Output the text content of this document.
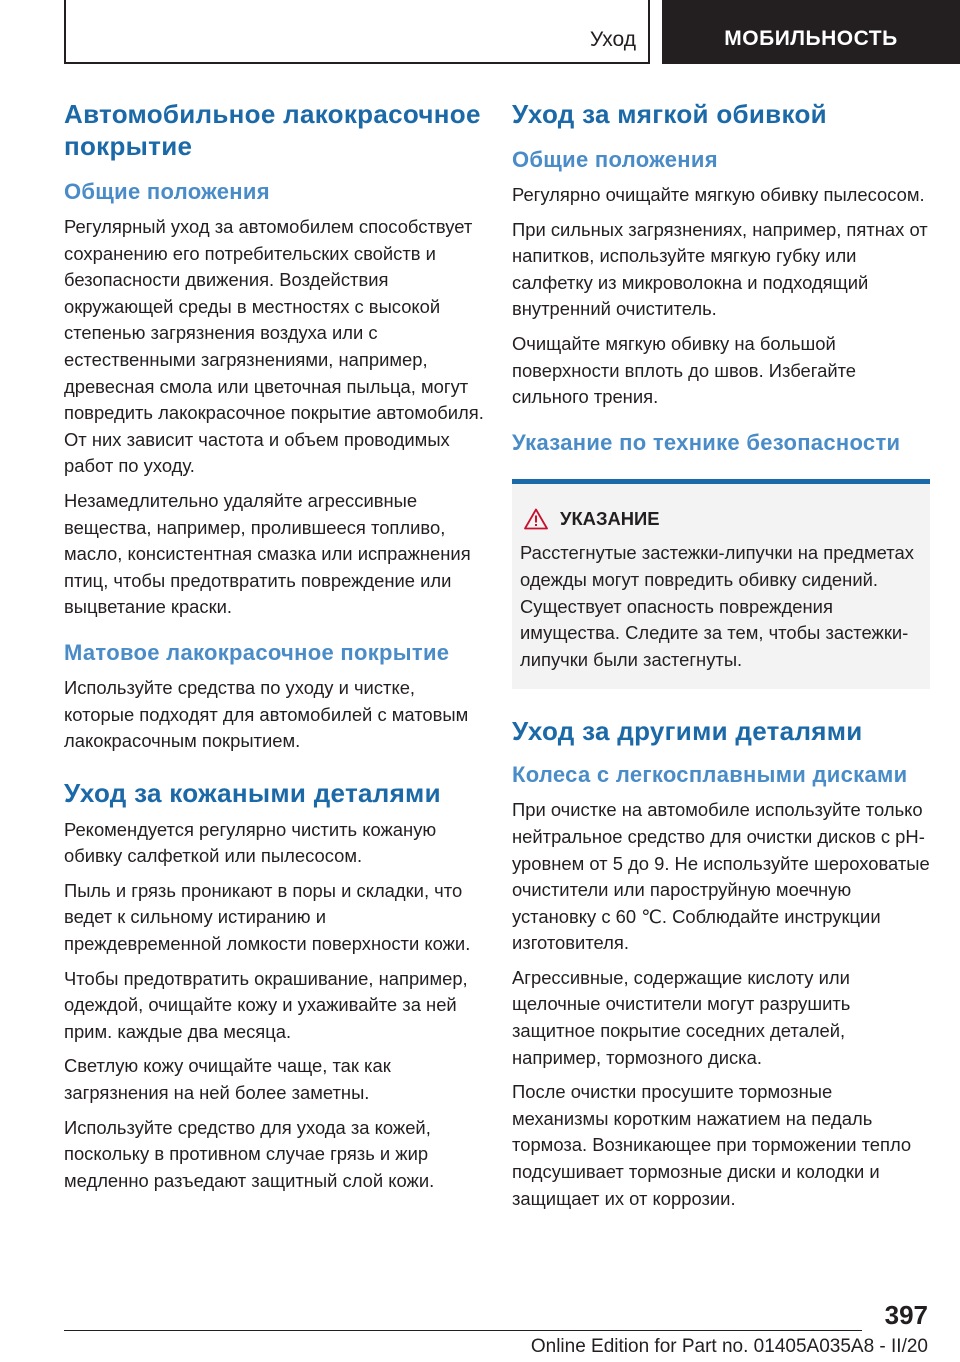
Уход	МОБИЛЬНОСТЬ
Автомобильное лакокрасочное покрытие
Общие положения

Регулярный уход за автомобилем способствует сохранению его потребительских свойств и безопасности движения. Воздействия окружающей среды в местностях с высокой степенью загрязнения воздуха или с естественными загрязнениями, например, древесная смола или цветочная пыльца, могут повредить лакокрасочное покрытие автомобиля. От них зависит частота и объем проводимых работ по уходу.

Незамедлительно удаляйте агрессивные вещества, например, пролившееся топливо, масло, консистентная смазка или испражнения птиц, чтобы предотвратить повреждение или выцветание краски.

Матовое лакокрасочное покрытие

Используйте средства по уходу и чистке, которые подходят для автомобилей с матовым лакокрасочным покрытием.

Уход за кожаными деталями

Рекомендуется регулярно чистить кожаную обивку салфеткой или пылесосом.

Пыль и грязь проникают в поры и складки, что ведет к сильному истиранию и преждевременной ломкости поверхности кожи.

Чтобы предотвратить окрашивание, например, одеждой, очищайте кожу и ухаживайте за ней прим. каждые два месяца.

Светлую кожу очищайте чаще, так как загрязнения на ней более заметны.

Используйте средство для ухода за кожей, поскольку в противном случае грязь и жир медленно разъедают защитный слой кожи.

Уход за мягкой обивкой
Общие положения

Регулярно очищайте мягкую обивку пылесосом.

При сильных загрязнениях, например, пятнах от напитков, используйте мягкую губку или салфетку из микроволокна и подходящий внутренний очиститель.

Очищайте мягкую обивку на большой поверхности вплоть до швов. Избегайте сильного трения.

Указание по технике безопасности
УКАЗАНИЕ

Расстегнутые застежки-липучки на предметах одежды могут повредить обивку сидений. Существует опасность повреждения имущества. Следите за тем, чтобы застежки-липучки были застегнуты.

Уход за другими деталями
Колеса с легкосплавными дисками

При очистке на автомобиле используйте только нейтральное средство для очистки дисков с pH-уровнем от 5 до 9. Не используйте шероховатые очистители или пароструйную моечную установку с 60 ℃. Соблюдайте инструкции изготовителя.

Агрессивные, содержащие кислоту или щелочные очистители могут разрушить защитное покрытие соседних деталей, например, тормозного диска.

После очистки просушите тормозные механизмы коротким нажатием на педаль тормоза. Возникающее при торможении тепло подсушивает тормозные диски и колодки и защищает их от коррозии.

397
Online Edition for Part no. 01405A035A8 - II/20
